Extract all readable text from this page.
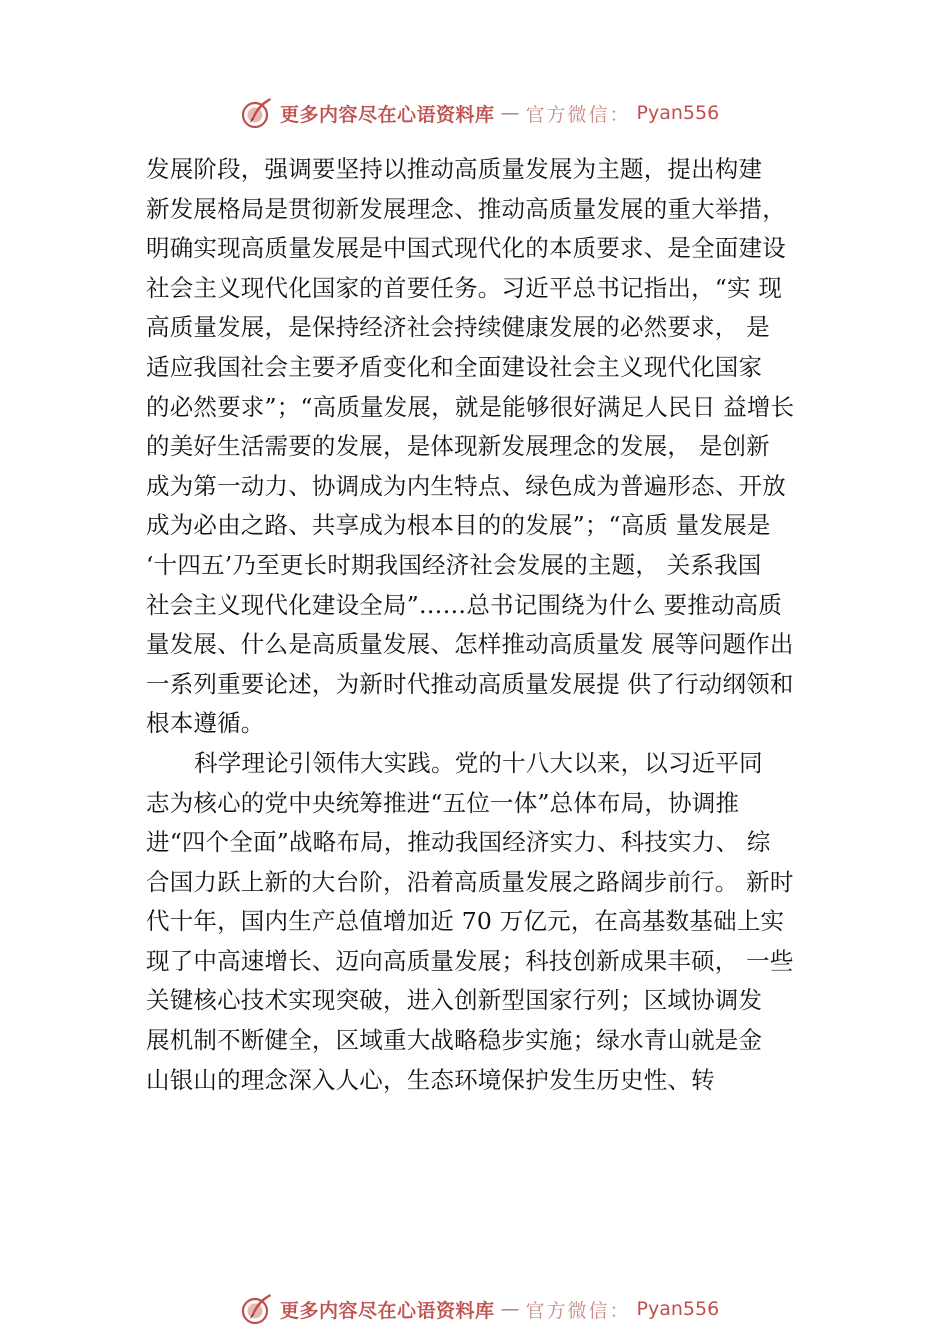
更多内容尽在心语资料库 — 官方微信： Pyan556
发展阶段，强调要坚持以推动高质量发展为主题，提出构建
新发展格局是贯彻新发展理念、推动高质量发展的重大举措，
明确实现高质量发展是中国式现代化的本质要求、是全面建设
社会主义现代化国家的首要任务。习近平总书记指出，“实 现
高质量发展，是保持经济社会持续健康发展的必然要求， 是
适应我国社会主要矛盾变化和全面建设社会主义现代化国家
的必然要求”；“高质量发展，就是能够很好满足人民日 益增长
的美好生活需要的发展，是体现新发展理念的发展， 是创新
成为第一动力、协调成为内生特点、绿色成为普遍形态、开放
成为必由之路、共享成为根本目的的发展”；“高质 量发展是
‘十四五’乃至更长时期我国经济社会发展的主题， 关系我国
社会主义现代化建设全局”……总书记围绕为什么 要推动高质
量发展、什么是高质量发展、怎样推动高质量发 展等问题作出
一系列重要论述，为新时代推动高质量发展提 供了行动纲领和
根本遵循。
科学理论引领伟大实践。党的十八大以来，以习近平同
志为核心的党中央统筹推进“五位一体”总体布局，协调推
进“四个全面”战略布局，推动我国经济实力、科技实力、 综
合国力跃上新的大台阶，沿着高质量发展之路阔步前行。 新时
代十年，国内生产总值增加近 70 万亿元，在高基数基础上实
现了中高速增长、迈向高质量发展；科技创新成果丰硕， 一些
关键核心技术实现突破，进入创新型国家行列；区域协调发
展机制不断健全，区域重大战略稳步实施；绿水青山就是金
山银山的理念深入人心，生态环境保护发生历史性、转
更多内容尽在心语资料库 — 官方微信： Pyan556
